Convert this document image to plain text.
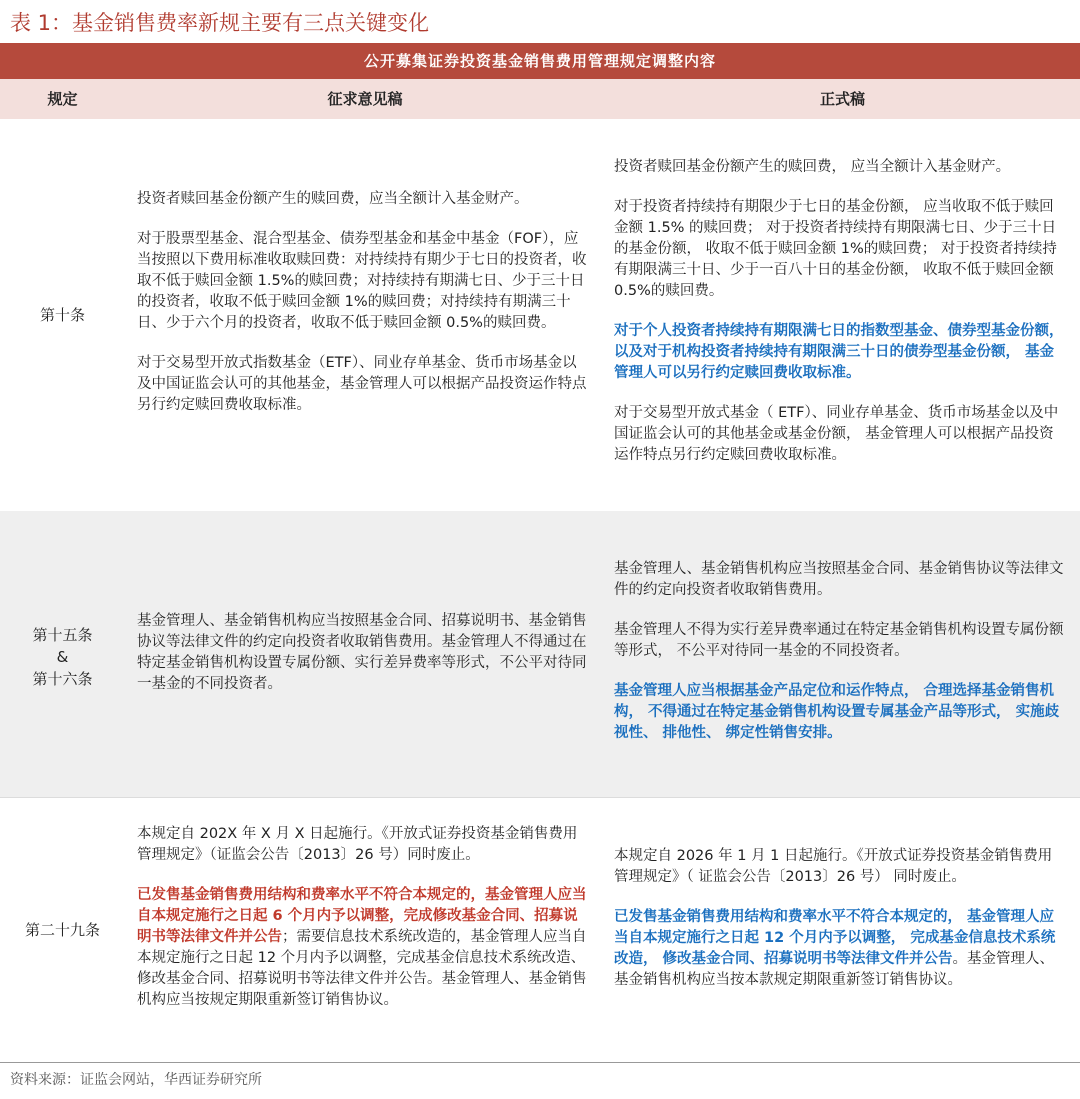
表 1：基金销售费率新规主要有三点关键变化
公开募集证券投资基金销售费用管理规定调整内容
规定	征求意见稿	正式稿
第十条

投资者赎回基金份额产生的赎回费，应当全额计入基金财产。

对于股票型基金、混合型基金、债券型基金和基金中基金（FOF），应当按照以下费用标准收取赎回费：对持续持有期少于七日的投资者，收取不低于赎回金额 1.5%的赎回费；对持续持有期满七日、少于三十日的投资者，收取不低于赎回金额 1%的赎回费；对持续持有期满三十日、少于六个月的投资者，收取不低于赎回金额 0.5%的赎回费。

对于交易型开放式指数基金（ETF）、同业存单基金、货币市场基金以及中国证监会认可的其他基金，基金管理人可以根据产品投资运作特点另行约定赎回费收取标准。

投资者赎回基金份额产生的赎回费， 应当全额计入基金财产。

对于投资者持续持有期限少于七日的基金份额， 应当收取不低于赎回金额 1.5% 的赎回费； 对于投资者持续持有期限满七日、少于三十日的基金份额， 收取不低于赎回金额 1%的赎回费； 对于投资者持续持有期限满三十日、少于一百八十日的基金份额， 收取不低于赎回金额 0.5%的赎回费。

对于个人投资者持续持有期限满七日的指数型基金、债券型基金份额， 以及对于机构投资者持续持有期限满三十日的债券型基金份额， 基金管理人可以另行约定赎回费收取标准。

对于交易型开放式基金（ ETF）、同业存单基金、货币市场基金以及中国证监会认可的其他基金或基金份额， 基金管理人可以根据产品投资运作特点另行约定赎回费收取标准。

第十五条
&
第十六条

基金管理人、基金销售机构应当按照基金合同、招募说明书、基金销售协议等法律文件的约定向投资者收取销售费用。基金管理人不得通过在特定基金销售机构设置专属份额、实行差异费率等形式，不公平对待同一基金的不同投资者。

基金管理人、基金销售机构应当按照基金合同、基金销售协议等法律文件的约定向投资者收取销售费用。

基金管理人不得为实行差异费率通过在特定基金销售机构设置专属份额等形式， 不公平对待同一基金的不同投资者。

基金管理人应当根据基金产品定位和运作特点， 合理选择基金销售机构， 不得通过在特定基金销售机构设置专属基金产品等形式， 实施歧视性、 排他性、 绑定性销售安排。

第二十九条

本规定自 202X 年 X 月 X 日起施行。《开放式证券投资基金销售费用管理规定》（证监会公告〔2013〕26 号）同时废止。

已发售基金销售费用结构和费率水平不符合本规定的，基金管理人应当自本规定施行之日起 6 个月内予以调整，完成修改基金合同、招募说明书等法律文件并公告；需要信息技术系统改造的，基金管理人应当自本规定施行之日起 12 个月内予以调整，完成基金信息技术系统改造、修改基金合同、招募说明书等法律文件并公告。基金管理人、基金销售机构应当按规定期限重新签订销售协议。

本规定自 2026 年 1 月 1 日起施行。《开放式证券投资基金销售费用管理规定》（ 证监会公告〔2013〕26 号） 同时废止。

已发售基金销售费用结构和费率水平不符合本规定的， 基金管理人应当自本规定施行之日起 12 个月内予以调整， 完成基金信息技术系统改造， 修改基金合同、招募说明书等法律文件并公告。基金管理人、基金销售机构应当按本款规定期限重新签订销售协议。

资料来源：证监会网站，华西证券研究所
